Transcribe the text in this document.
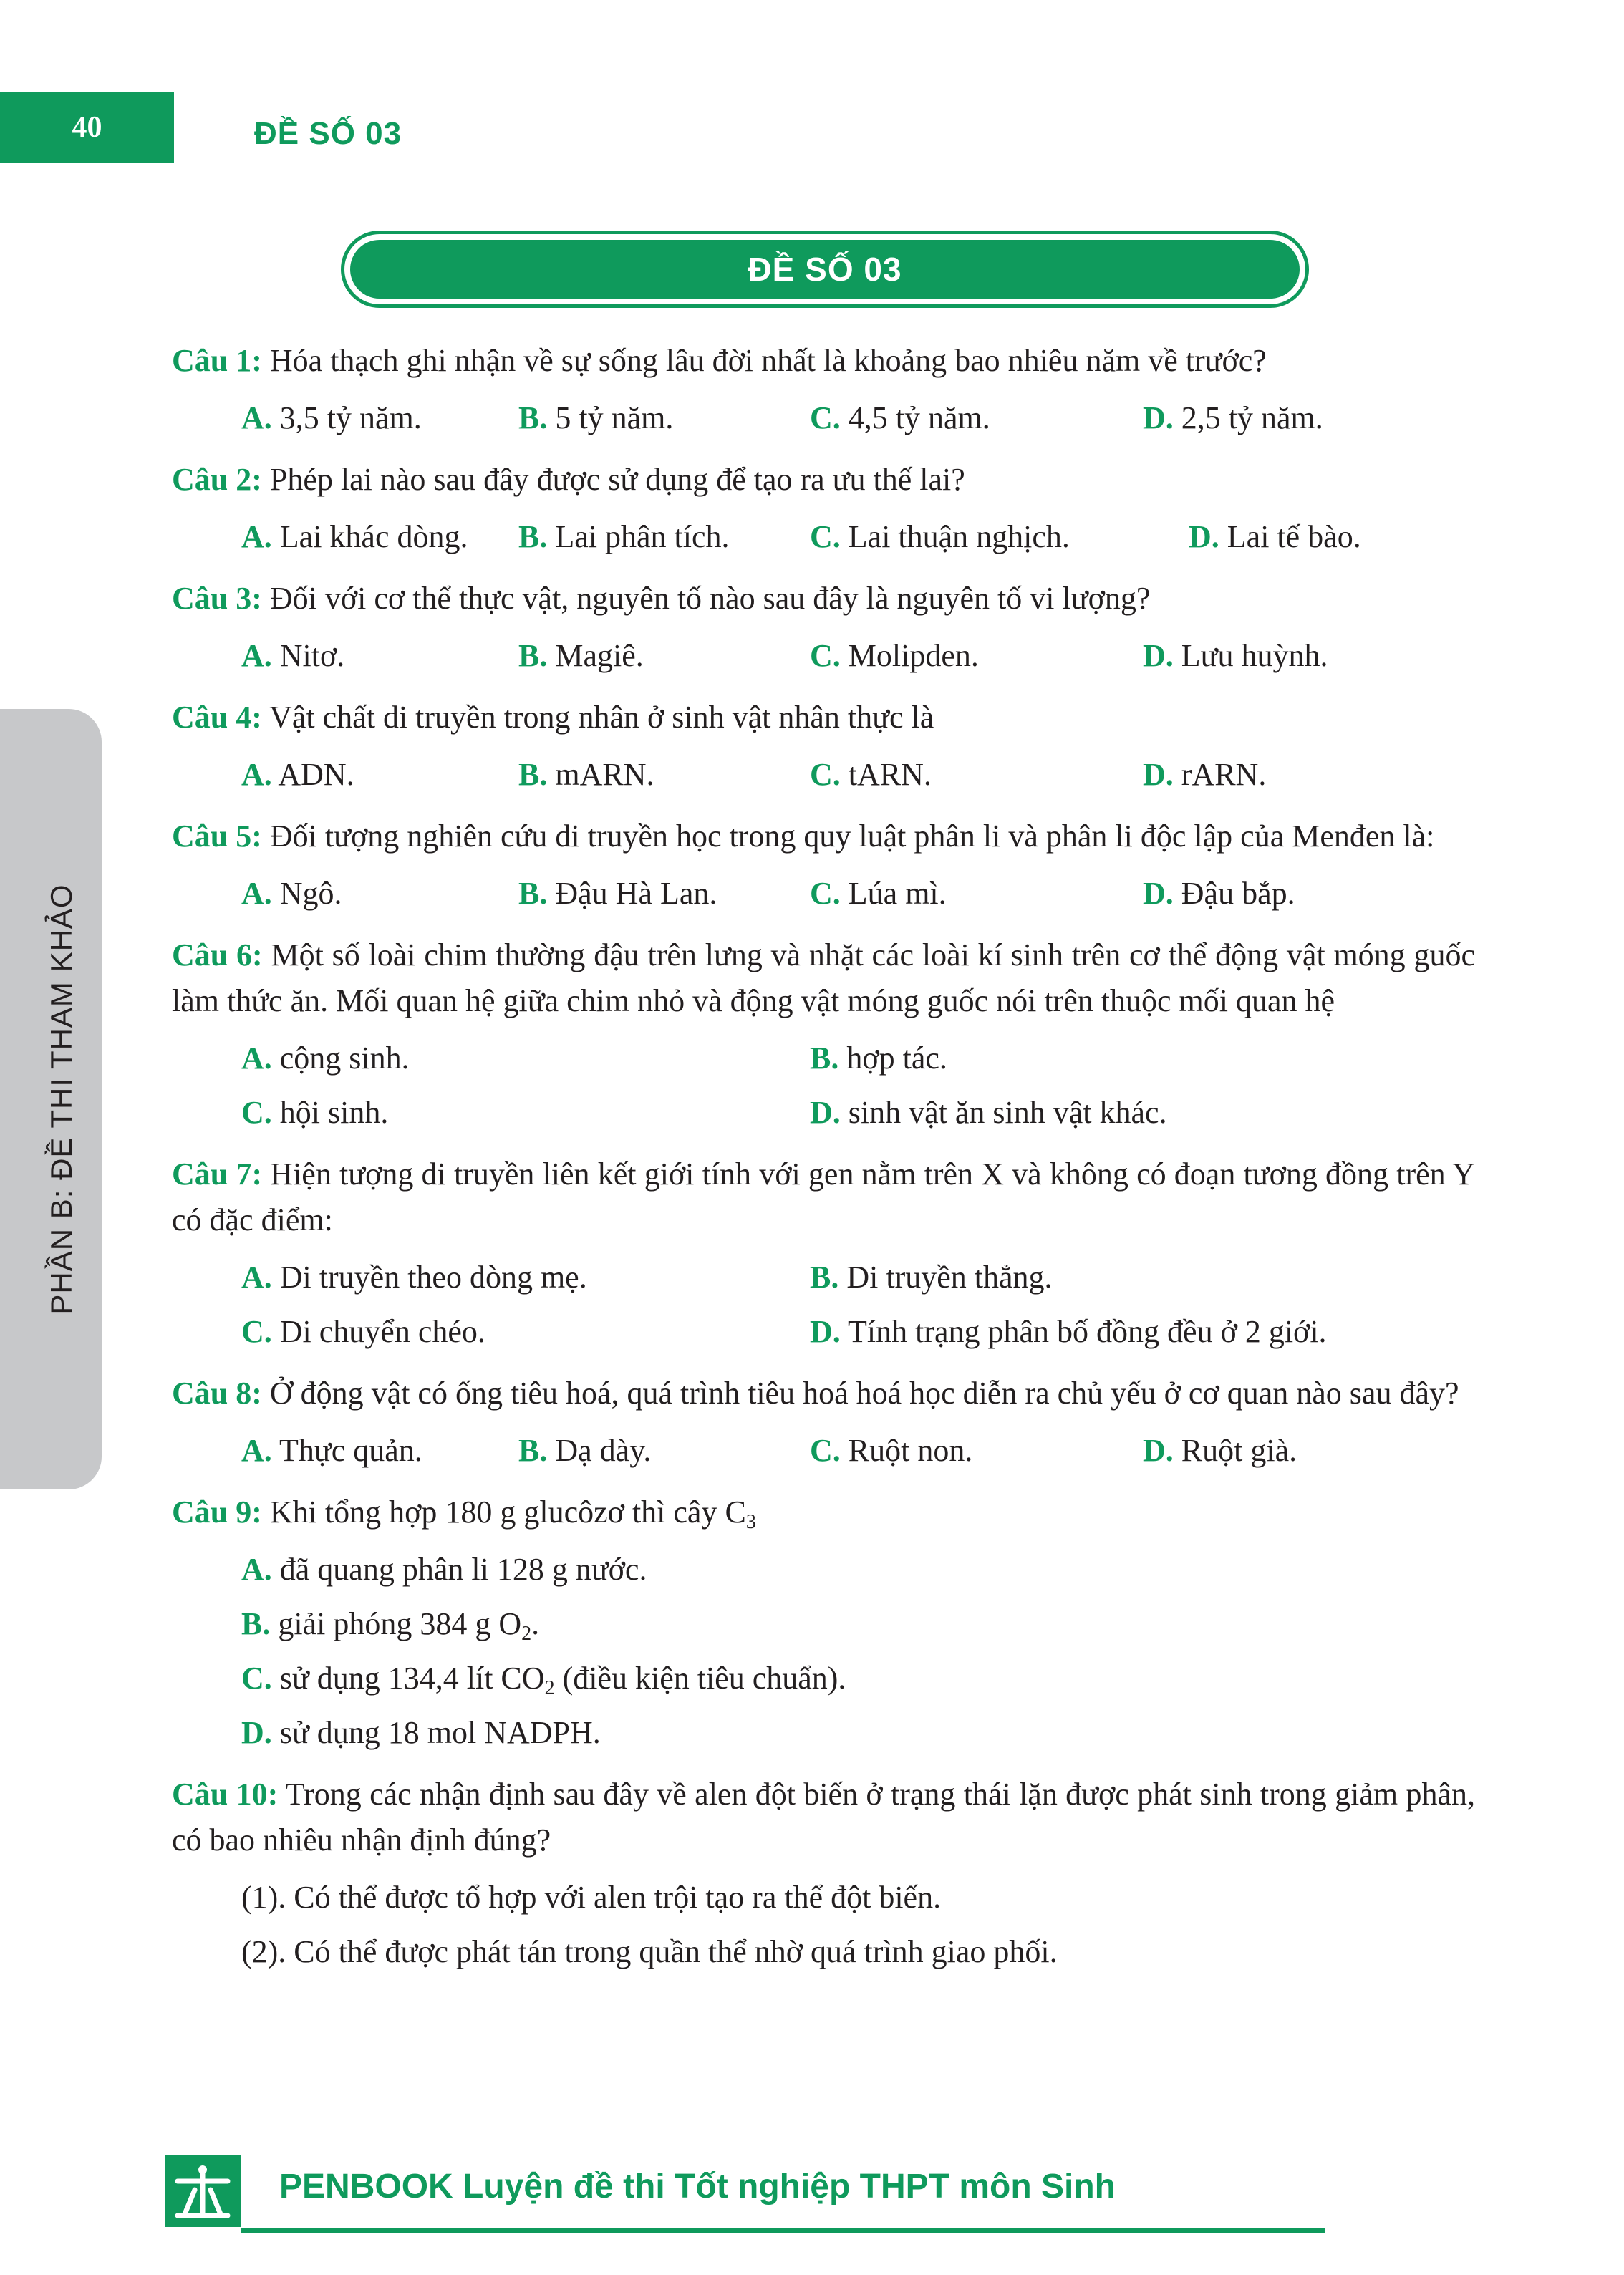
40	ĐỀ SỐ 03
ĐỀ SỐ 03
PHẦN B: ĐỀ THI THAM KHẢO

Câu 1: Hóa thạch ghi nhận về sự sống lâu đời nhất là khoảng bao nhiêu năm về trước?

A. 3,5 tỷ năm.	B. 5 tỷ năm.	C. 4,5 tỷ năm.	D. 2,5 tỷ năm.

Câu 2: Phép lai nào sau đây được sử dụng để tạo ra ưu thế lai?

A. Lai khác dòng. B. Lai phân tích.	C. Lai thuận nghịch.	D. Lai tế bào.

Câu 3: Đối với cơ thể thực vật, nguyên tố nào sau đây là nguyên tố vi lượng?

A. Nitơ.	B. Magiê.	C. Molipden.	D. Lưu huỳnh.

Câu 4: Vật chất di truyền trong nhân ở sinh vật nhân thực là

A. ADN.	B. mARN.	C. tARN.	D. rARN.

Câu 5: Đối tượng nghiên cứu di truyền học trong quy luật phân li và phân li độc lập của Menđen là:

A. Ngô.	B. Đậu Hà Lan.	C. Lúa mì.	D. Đậu bắp.

Câu 6: Một số loài chim thường đậu trên lưng và nhặt các loài kí sinh trên cơ thể động vật móng guốc làm thức ăn. Mối quan hệ giữa chim nhỏ và động vật móng guốc nói trên thuộc mối quan hệ

A. cộng sinh.	B. hợp tác.
C. hội sinh.	D. sinh vật ăn sinh vật khác.

Câu 7: Hiện tượng di truyền liên kết giới tính với gen nằm trên X và không có đoạn tương đồng trên Y có đặc điểm:

A. Di truyền theo dòng mẹ.	B. Di truyền thẳng.
C. Di chuyển chéo.	D. Tính trạng phân bố đồng đều ở 2 giới.

Câu 8: Ở động vật có ống tiêu hoá, quá trình tiêu hoá hoá học diễn ra chủ yếu ở cơ quan nào sau đây?

A. Thực quản.	B. Dạ dày.	C. Ruột non.	D. Ruột già.

Câu 9: Khi tổng hợp 180 g glucôzơ thì cây $C_3$

A. đã quang phân li 128 g nước.
B. giải phóng 384 g $O_2$.
C. sử dụng 134,4 lít $CO_2$ (điều kiện tiêu chuẩn).
D. sử dụng 18 mol NADPH.

Câu 10: Trong các nhận định sau đây về alen đột biến ở trạng thái lặn được phát sinh trong giảm phân, có bao nhiêu nhận định đúng?

(1). Có thể được tổ hợp với alen trội tạo ra thể đột biến.
(2). Có thể được phát tán trong quần thể nhờ quá trình giao phối.
PENBOOK Luyện đề thi Tốt nghiệp THPT môn Sinh
